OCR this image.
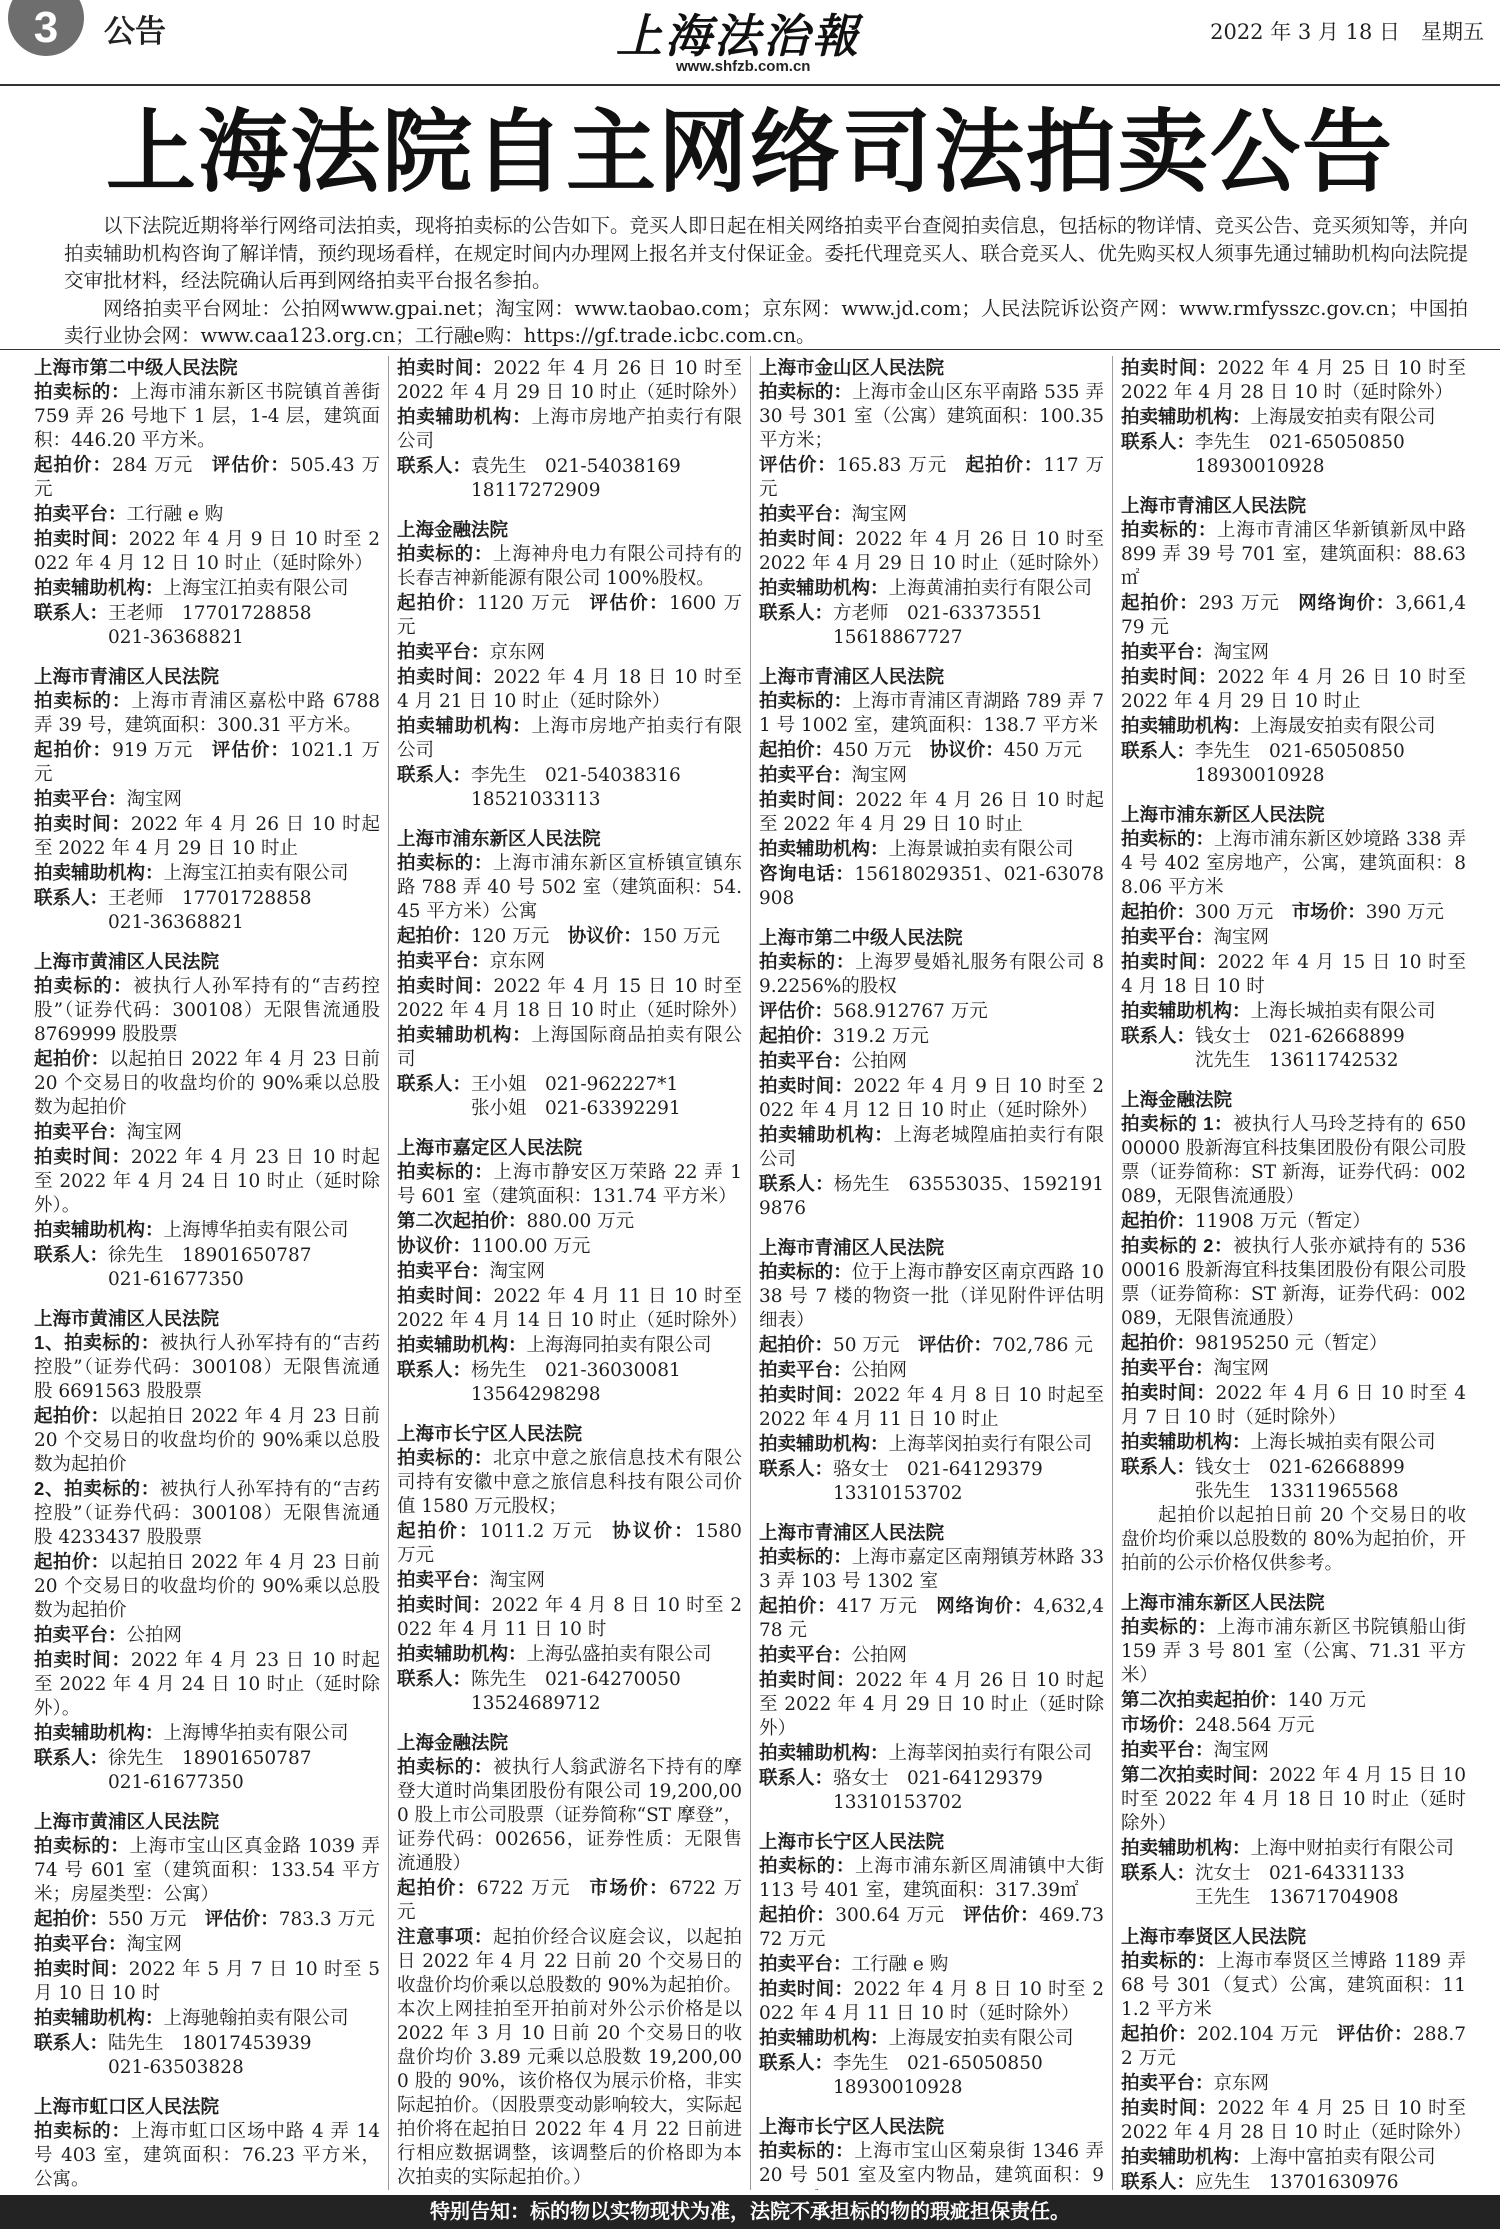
3	公告	上海法治報
www.shfzb.com.cn
2022 年 3 月 18 日　星期五
上海法院自主网络司法拍卖公告

以下法院近期将举行网络司法拍卖，现将拍卖标的公告如下。竞买人即日起在相关网络拍卖平台查阅拍卖信息，包括标的物详情、竞买公告、竞买须知等，并向拍卖辅助机构咨询了解详情，预约现场看样，在规定时间内办理网上报名并支付保证金。委托代理竞买人、联合竞买人、优先购买权人须事先通过辅助机构向法院提交审批材料，经法院确认后再到网络拍卖平台报名参拍。

网络拍卖平台网址：公拍网www.gpai.net；淘宝网：www.taobao.com；京东网：www.jd.com；人民法院诉讼资产网：www.rmfysszc.gov.cn；中国拍卖行业协会网：www.caa123.org.cn；工行融e购：https://gf.trade.icbc.com.cn。

上海市第二中级人民法院
拍卖标的：上海市浦东新区书院镇首善街 759 弄 26 号地下 1 层，1-4 层，建筑面积：446.20 平方米。
起拍价：284 万元 评估价：505.43 万元
拍卖平台：工行融 e 购
拍卖时间：2022 年 4 月 9 日 10 时至 2022 年 4 月 12 日 10 时止（延时除外）
拍卖辅助机构：上海宝江拍卖有限公司
联系人：王老师　17701728858
021-36368821
上海市青浦区人民法院
拍卖标的：上海市青浦区嘉松中路 6788 弄 39 号，建筑面积：300.31 平方米。
起拍价：919 万元 评估价：1021.1 万元
拍卖平台：淘宝网
拍卖时间：2022 年 4 月 26 日 10 时起至 2022 年 4 月 29 日 10 时止
拍卖辅助机构：上海宝江拍卖有限公司
联系人：王老师　17701728858
021-36368821
上海市黄浦区人民法院
拍卖标的：被执行人孙军持有的“吉药控股”（证券代码：300108）无限售流通股 8769999 股股票
起拍价：以起拍日 2022 年 4 月 23 日前 20 个交易日的收盘均价的 90%乘以总股数为起拍价
拍卖平台：淘宝网
拍卖时间：2022 年 4 月 23 日 10 时起至 2022 年 4 月 24 日 10 时止（延时除外）。
拍卖辅助机构：上海博华拍卖有限公司
联系人：徐先生　18901650787
021-61677350
上海市黄浦区人民法院
1、拍卖标的：被执行人孙军持有的“吉药控股”（证券代码：300108）无限售流通股 6691563 股股票
起拍价：以起拍日 2022 年 4 月 23 日前 20 个交易日的收盘均价的 90%乘以总股数为起拍价
2、拍卖标的：被执行人孙军持有的“吉药控股”（证券代码：300108）无限售流通股 4233437 股股票
起拍价：以起拍日 2022 年 4 月 23 日前 20 个交易日的收盘均价的 90%乘以总股数为起拍价
拍卖平台：公拍网
拍卖时间：2022 年 4 月 23 日 10 时起至 2022 年 4 月 24 日 10 时止（延时除外）。
拍卖辅助机构：上海博华拍卖有限公司
联系人：徐先生　18901650787
021-61677350
上海市黄浦区人民法院
拍卖标的：上海市宝山区真金路 1039 弄 74 号 601 室（建筑面积：133.54 平方米；房屋类型：公寓）
起拍价：550 万元 评估价：783.3 万元
拍卖平台：淘宝网
拍卖时间：2022 年 5 月 7 日 10 时至 5 月 10 日 10 时
拍卖辅助机构：上海驰翰拍卖有限公司
联系人：陆先生　18017453939
021-63503828
上海市虹口区人民法院
拍卖标的：上海市虹口区场中路 4 弄 14 号 403 室，建筑面积：76.23 平方米，公寓。
拍卖时间：2022 年 4 月 26 日 10 时至 2022 年 4 月 29 日 10 时止（延时除外）
拍卖辅助机构：上海市房地产拍卖行有限公司
联系人：袁先生　021-54038169
18117272909
上海金融法院
拍卖标的：上海神舟电力有限公司持有的长春吉神新能源有限公司 100%股权。
起拍价：1120 万元 评估价：1600 万元
拍卖平台：京东网
拍卖时间：2022 年 4 月 18 日 10 时至 4 月 21 日 10 时止（延时除外）
拍卖辅助机构：上海市房地产拍卖行有限公司
联系人：李先生　021-54038316
18521033113
上海市浦东新区人民法院
拍卖标的：上海市浦东新区宣桥镇宣镇东路 788 弄 40 号 502 室（建筑面积：54.45 平方米）公寓
起拍价：120 万元 协议价：150 万元
拍卖平台：京东网
拍卖时间：2022 年 4 月 15 日 10 时至 2022 年 4 月 18 日 10 时止（延时除外）
拍卖辅助机构：上海国际商品拍卖有限公司
联系人：王小姐　021-962227*1
张小姐　021-63392291
上海市嘉定区人民法院
拍卖标的：上海市静安区万荣路 22 弄 1 号 601 室（建筑面积：131.74 平方米）
第二次起拍价：880.00 万元
协议价：1100.00 万元
拍卖平台：淘宝网
拍卖时间：2022 年 4 月 11 日 10 时至 2022 年 4 月 14 日 10 时止（延时除外）
拍卖辅助机构：上海海同拍卖有限公司
联系人：杨先生　021-36030081
13564298298
上海市长宁区人民法院
拍卖标的：北京中意之旅信息技术有限公司持有安徽中意之旅信息科技有限公司价值 1580 万元股权；
起拍价：1011.2 万元 协议价：1580 万元
拍卖平台：淘宝网
拍卖时间：2022 年 4 月 8 日 10 时至 2022 年 4 月 11 日 10 时
拍卖辅助机构：上海弘盛拍卖有限公司
联系人：陈先生　021-64270050
13524689712
上海金融法院
拍卖标的：被执行人翁武游名下持有的摩登大道时尚集团股份有限公司 19,200,000 股上市公司股票（证券简称“ST 摩登”，证券代码：002656，证券性质：无限售流通股）
起拍价：6722 万元 市场价：6722 万元
注意事项：起拍价经合议庭会议，以起拍日 2022 年 4 月 22 日前 20 个交易日的收盘价均价乘以总股数的 90%为起拍价。本次上网挂拍至开拍前对外公示价格是以 2022 年 3 月 10 日前 20 个交易日的收盘价均价 3.89 元乘以总股数 19,200,000 股的 90%，该价格仅为展示价格，非实际起拍价。（因股票变动影响较大，实际起拍价将在起拍日 2022 年 4 月 22 日前进行相应数据调整，该调整后的价格即为本次拍卖的实际起拍价。）
上海市金山区人民法院
拍卖标的：上海市金山区东平南路 535 弄 30 号 301 室（公寓）建筑面积：100.35 平方米；
评估价：165.83 万元 起拍价：117 万元
拍卖平台：淘宝网
拍卖时间：2022 年 4 月 26 日 10 时至 2022 年 4 月 29 日 10 时止（延时除外）
拍卖辅助机构：上海黄浦拍卖行有限公司
联系人：方老师　021-63373551
15618867727
上海市青浦区人民法院
拍卖标的：上海市青浦区青湖路 789 弄 71 号 1002 室，建筑面积：138.7 平方米
起拍价：450 万元 协议价：450 万元
拍卖平台：淘宝网
拍卖时间：2022 年 4 月 26 日 10 时起至 2022 年 4 月 29 日 10 时止
拍卖辅助机构：上海景诚拍卖有限公司
咨询电话：15618029351、021-63078908
上海市第二中级人民法院
拍卖标的：上海罗曼婚礼服务有限公司 89.2256%的股权
评估价：568.912767 万元
起拍价：319.2 万元
拍卖平台：公拍网
拍卖时间：2022 年 4 月 9 日 10 时至 2022 年 4 月 12 日 10 时止（延时除外）
拍卖辅助机构：上海老城隍庙拍卖行有限公司
联系人：杨先生　63553035、15921919876
上海市青浦区人民法院
拍卖标的：位于上海市静安区南京西路 1038 号 7 楼的物资一批（详见附件评估明细表）
起拍价：50 万元 评估价：702,786 元
拍卖平台：公拍网
拍卖时间：2022 年 4 月 8 日 10 时起至 2022 年 4 月 11 日 10 时止
拍卖辅助机构：上海莘闵拍卖行有限公司
联系人：骆女士　021-64129379
13310153702
上海市青浦区人民法院
拍卖标的：上海市嘉定区南翔镇芳林路 333 弄 103 号 1302 室
起拍价：417 万元 网络询价：4,632,478 元
拍卖平台：公拍网
拍卖时间：2022 年 4 月 26 日 10 时起至 2022 年 4 月 29 日 10 时止（延时除外）
拍卖辅助机构：上海莘闵拍卖行有限公司
联系人：骆女士　021-64129379
13310153702
上海市长宁区人民法院
拍卖标的：上海市浦东新区周浦镇中大街 113 号 401 室，建筑面积：317.39㎡
起拍价：300.64 万元 评估价：469.7372 万元
拍卖平台：工行融 e 购
拍卖时间：2022 年 4 月 8 日 10 时至 2022 年 4 月 11 日 10 时（延时除外）
拍卖辅助机构：上海晟安拍卖有限公司
联系人：李先生　021-65050850
18930010928
上海市长宁区人民法院
拍卖标的：上海市宝山区菊泉街 1346 弄 20 号 501 室及室内物品，建筑面积：9
拍卖时间：2022 年 4 月 25 日 10 时至 2022 年 4 月 28 日 10 时（延时除外）
拍卖辅助机构：上海晟安拍卖有限公司
联系人：李先生　021-65050850
18930010928
上海市青浦区人民法院
拍卖标的：上海市青浦区华新镇新凤中路 899 弄 39 号 701 室，建筑面积：88.63㎡
起拍价：293 万元 网络询价：3,661,479 元
拍卖平台：淘宝网
拍卖时间：2022 年 4 月 26 日 10 时至 2022 年 4 月 29 日 10 时止
拍卖辅助机构：上海晟安拍卖有限公司
联系人：李先生　021-65050850
18930010928
上海市浦东新区人民法院
拍卖标的：上海市浦东新区妙境路 338 弄 4 号 402 室房地产，公寓，建筑面积：88.06 平方米
起拍价：300 万元 市场价：390 万元
拍卖平台：淘宝网
拍卖时间：2022 年 4 月 15 日 10 时至 4 月 18 日 10 时
拍卖辅助机构：上海长城拍卖有限公司
联系人：钱女士　021-62668899
沈先生　13611742532
上海金融法院
拍卖标的 1：被执行人马玲芝持有的 65000000 股新海宜科技集团股份有限公司股票（证券简称：ST 新海，证券代码：002089，无限售流通股）
起拍价：11908 万元（暂定）
拍卖标的 2：被执行人张亦斌持有的 53600016 股新海宜科技集团股份有限公司股票（证券简称：ST 新海，证券代码：002089，无限售流通股）
起拍价：98195250 元（暂定）
拍卖平台：淘宝网
拍卖时间：2022 年 4 月 6 日 10 时至 4 月 7 日 10 时（延时除外）
拍卖辅助机构：上海长城拍卖有限公司
联系人：钱女士　021-62668899
张先生　13311965568
起拍价以起拍日前 20 个交易日的收盘价均价乘以总股数的 80%为起拍价，开拍前的公示价格仅供参考。
上海市浦东新区人民法院
拍卖标的：上海市浦东新区书院镇船山街 159 弄 3 号 801 室（公寓、71.31 平方米）
第二次拍卖起拍价：140 万元
市场价：248.564 万元
拍卖平台：淘宝网
第二次拍卖时间：2022 年 4 月 15 日 10 时至 2022 年 4 月 18 日 10 时止（延时除外）
拍卖辅助机构：上海中财拍卖行有限公司
联系人：沈女士　021-64331133
王先生　13671704908
上海市奉贤区人民法院
拍卖标的：上海市奉贤区兰博路 1189 弄 68 号 301（复式）公寓，建筑面积：111.2 平方米
起拍价：202.104 万元 评估价：288.72 万元
拍卖平台：京东网
拍卖时间：2022 年 4 月 25 日 10 时至 2022 年 4 月 28 日 10 时止（延时除外）
拍卖辅助机构：上海中富拍卖有限公司
联系人：应先生　13701630976
特别告知：标的物以实物现状为准，法院不承担标的物的瑕疵担保责任。
